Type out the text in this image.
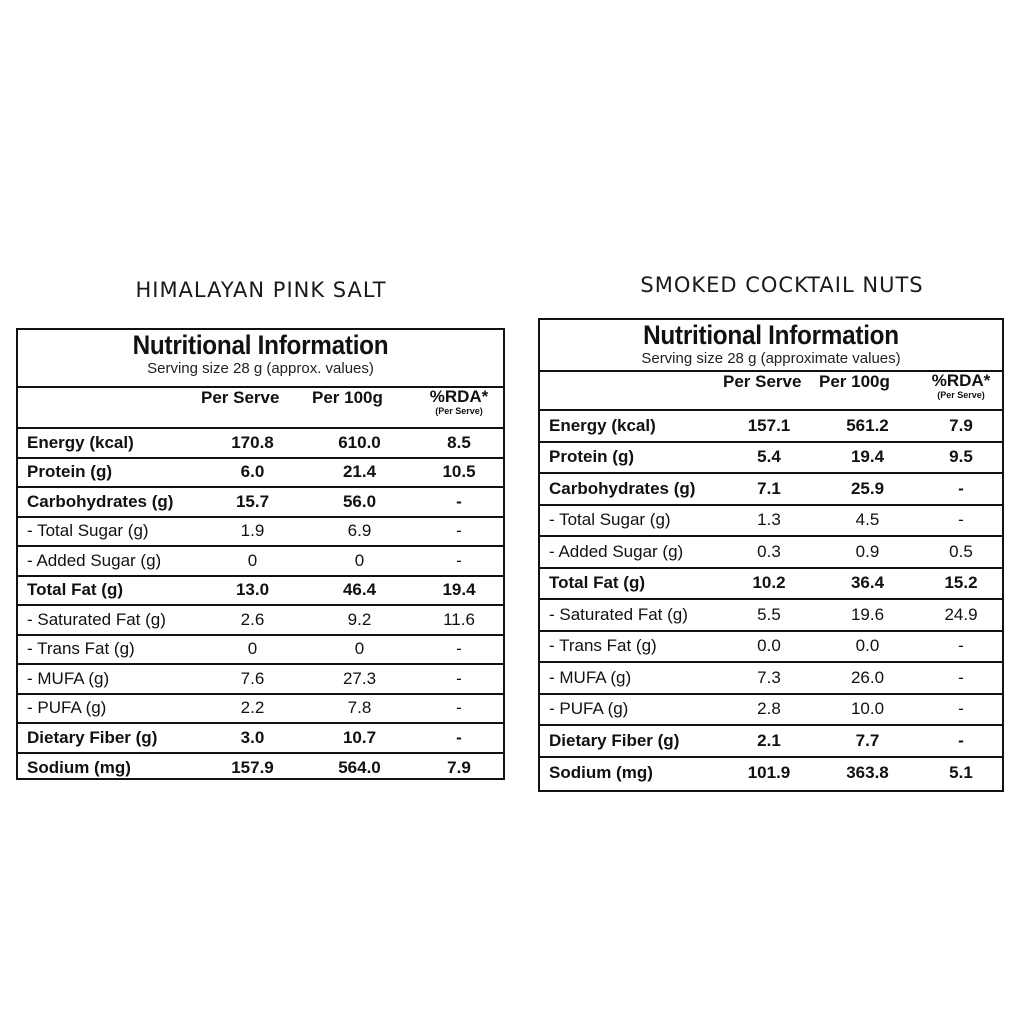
HIMALAYAN PINK SALT
Nutritional Information
Serving size 28 g (approx. values)
	Per Serve	Per 100g	%RDA*
(Per Serve)

Energy (kcal)	170.8	610.0	8.5
Protein (g)	6.0	21.4	10.5
Carbohydrates (g)	15.7	56.0	-
- Total Sugar (g)	1.9	6.9	-
- Added Sugar (g)	0	0	-
Total Fat (g)	13.0	46.4	19.4
- Saturated Fat (g)	2.6	9.2	11.6
- Trans Fat (g)	0	0	-
- MUFA (g)	7.6	27.3	-
- PUFA (g)	2.2	7.8	-
Dietary Fiber (g)	3.0	10.7	-
Sodium (mg)	157.9	564.0	7.9
SMOKED COCKTAIL NUTS
Nutritional Information
Serving size 28 g (approximate values)
	Per Serve	Per 100g	%RDA*
(Per Serve)

Energy (kcal)	157.1	561.2	7.9
Protein (g)	5.4	19.4	9.5
Carbohydrates (g)	7.1	25.9	-
- Total Sugar (g)	1.3	4.5	-
- Added Sugar (g)	0.3	0.9	0.5
Total Fat (g)	10.2	36.4	15.2
- Saturated Fat (g)	5.5	19.6	24.9
- Trans Fat (g)	0.0	0.0	-
- MUFA (g)	7.3	26.0	-
- PUFA (g)	2.8	10.0	-
Dietary Fiber (g)	2.1	7.7	-
Sodium (mg)	101.9	363.8	5.1
